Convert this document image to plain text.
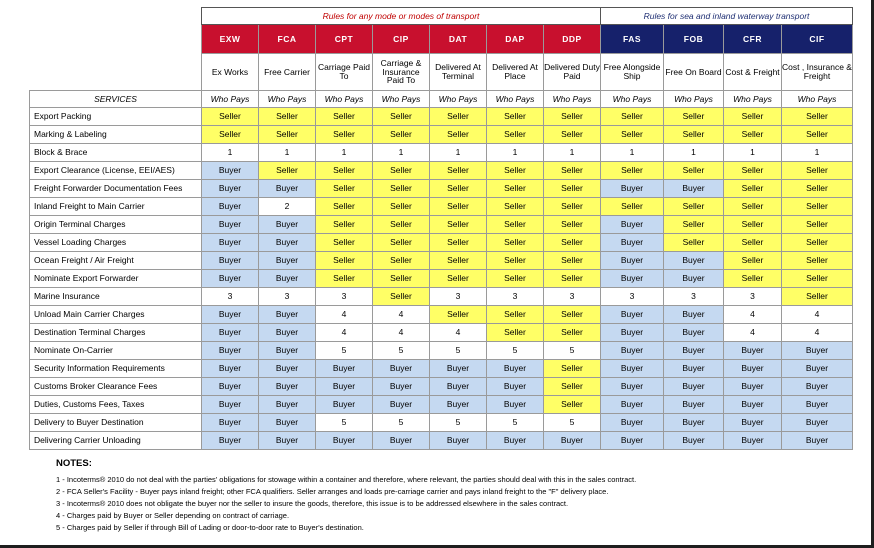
	Rules for any mode or modes of transport							Rules for sea and inland waterway transport			
	EXW	FCA	CPT	CIP	DAT	DAP	DDP	FAS	FOB	CFR	CIF
	Ex Works	Free Carrier	Carriage Paid To	Carriage & Insurance Paid To	Delivered At Terminal	Delivered At Place	Delivered Duty Paid	Free Alongside Ship	Free On Board	Cost & Freight	Cost , Insurance & Freight
SERVICES	Who Pays	Who Pays	Who Pays	Who Pays	Who Pays	Who Pays	Who Pays	Who Pays	Who Pays	Who Pays	Who Pays
Export Packing	Seller	Seller	Seller	Seller	Seller	Seller	Seller	Seller	Seller	Seller	Seller
Marking & Labeling	Seller	Seller	Seller	Seller	Seller	Seller	Seller	Seller	Seller	Seller	Seller
Block & Brace	1	1	1	1	1	1	1	1	1	1	1
Export Clearance (License, EEI/AES)	Buyer	Seller	Seller	Seller	Seller	Seller	Seller	Seller	Seller	Seller	Seller
Freight Forwarder Documentation Fees	Buyer	Buyer	Seller	Seller	Seller	Seller	Seller	Buyer	Buyer	Seller	Seller
Inland Freight to Main Carrier	Buyer	2	Seller	Seller	Seller	Seller	Seller	Seller	Seller	Seller	Seller
Origin Terminal Charges	Buyer	Buyer	Seller	Seller	Seller	Seller	Seller	Buyer	Seller	Seller	Seller
Vessel Loading Charges	Buyer	Buyer	Seller	Seller	Seller	Seller	Seller	Buyer	Seller	Seller	Seller
Ocean Freight / Air Freight	Buyer	Buyer	Seller	Seller	Seller	Seller	Seller	Buyer	Buyer	Seller	Seller
Nominate Export Forwarder	Buyer	Buyer	Seller	Seller	Seller	Seller	Seller	Buyer	Buyer	Seller	Seller
Marine Insurance	3	3	3	Seller	3	3	3	3	3	3	Seller
Unload Main Carrier Charges	Buyer	Buyer	4	4	Seller	Seller	Seller	Buyer	Buyer	4	4
Destination Terminal Charges	Buyer	Buyer	4	4	4	Seller	Seller	Buyer	Buyer	4	4
Nominate On-Carrier	Buyer	Buyer	5	5	5	5	5	Buyer	Buyer	Buyer	Buyer
Security Information Requirements	Buyer	Buyer	Buyer	Buyer	Buyer	Buyer	Seller	Buyer	Buyer	Buyer	Buyer
Customs Broker Clearance Fees	Buyer	Buyer	Buyer	Buyer	Buyer	Buyer	Seller	Buyer	Buyer	Buyer	Buyer
Duties, Customs Fees, Taxes	Buyer	Buyer	Buyer	Buyer	Buyer	Buyer	Seller	Buyer	Buyer	Buyer	Buyer
Delivery to Buyer Destination	Buyer	Buyer	5	5	5	5	5	Buyer	Buyer	Buyer	Buyer
Delivering Carrier Unloading	Buyer	Buyer	Buyer	Buyer	Buyer	Buyer	Buyer	Buyer	Buyer	Buyer	Buyer
NOTES:
1 - Incoterms® 2010 do not deal with the parties' obligations for stowage within a container and therefore, where relevant, the parties should deal with this in the sales contract.
2 - FCA Seller's Facility - Buyer pays inland freight; other FCA qualifiers. Seller arranges and loads pre-carriage carrier and pays inland freight to the "F" delivery place.
3 - Incoterms® 2010 does not obligate the buyer nor the seller to insure the goods, therefore, this issue is to be addressed elsewhere in the sales contract.
4 - Charges paid by Buyer or Seller depending on contract of carriage.
5 - Charges paid by Seller if through Bill of Lading or door-to-door rate to Buyer's destination.
